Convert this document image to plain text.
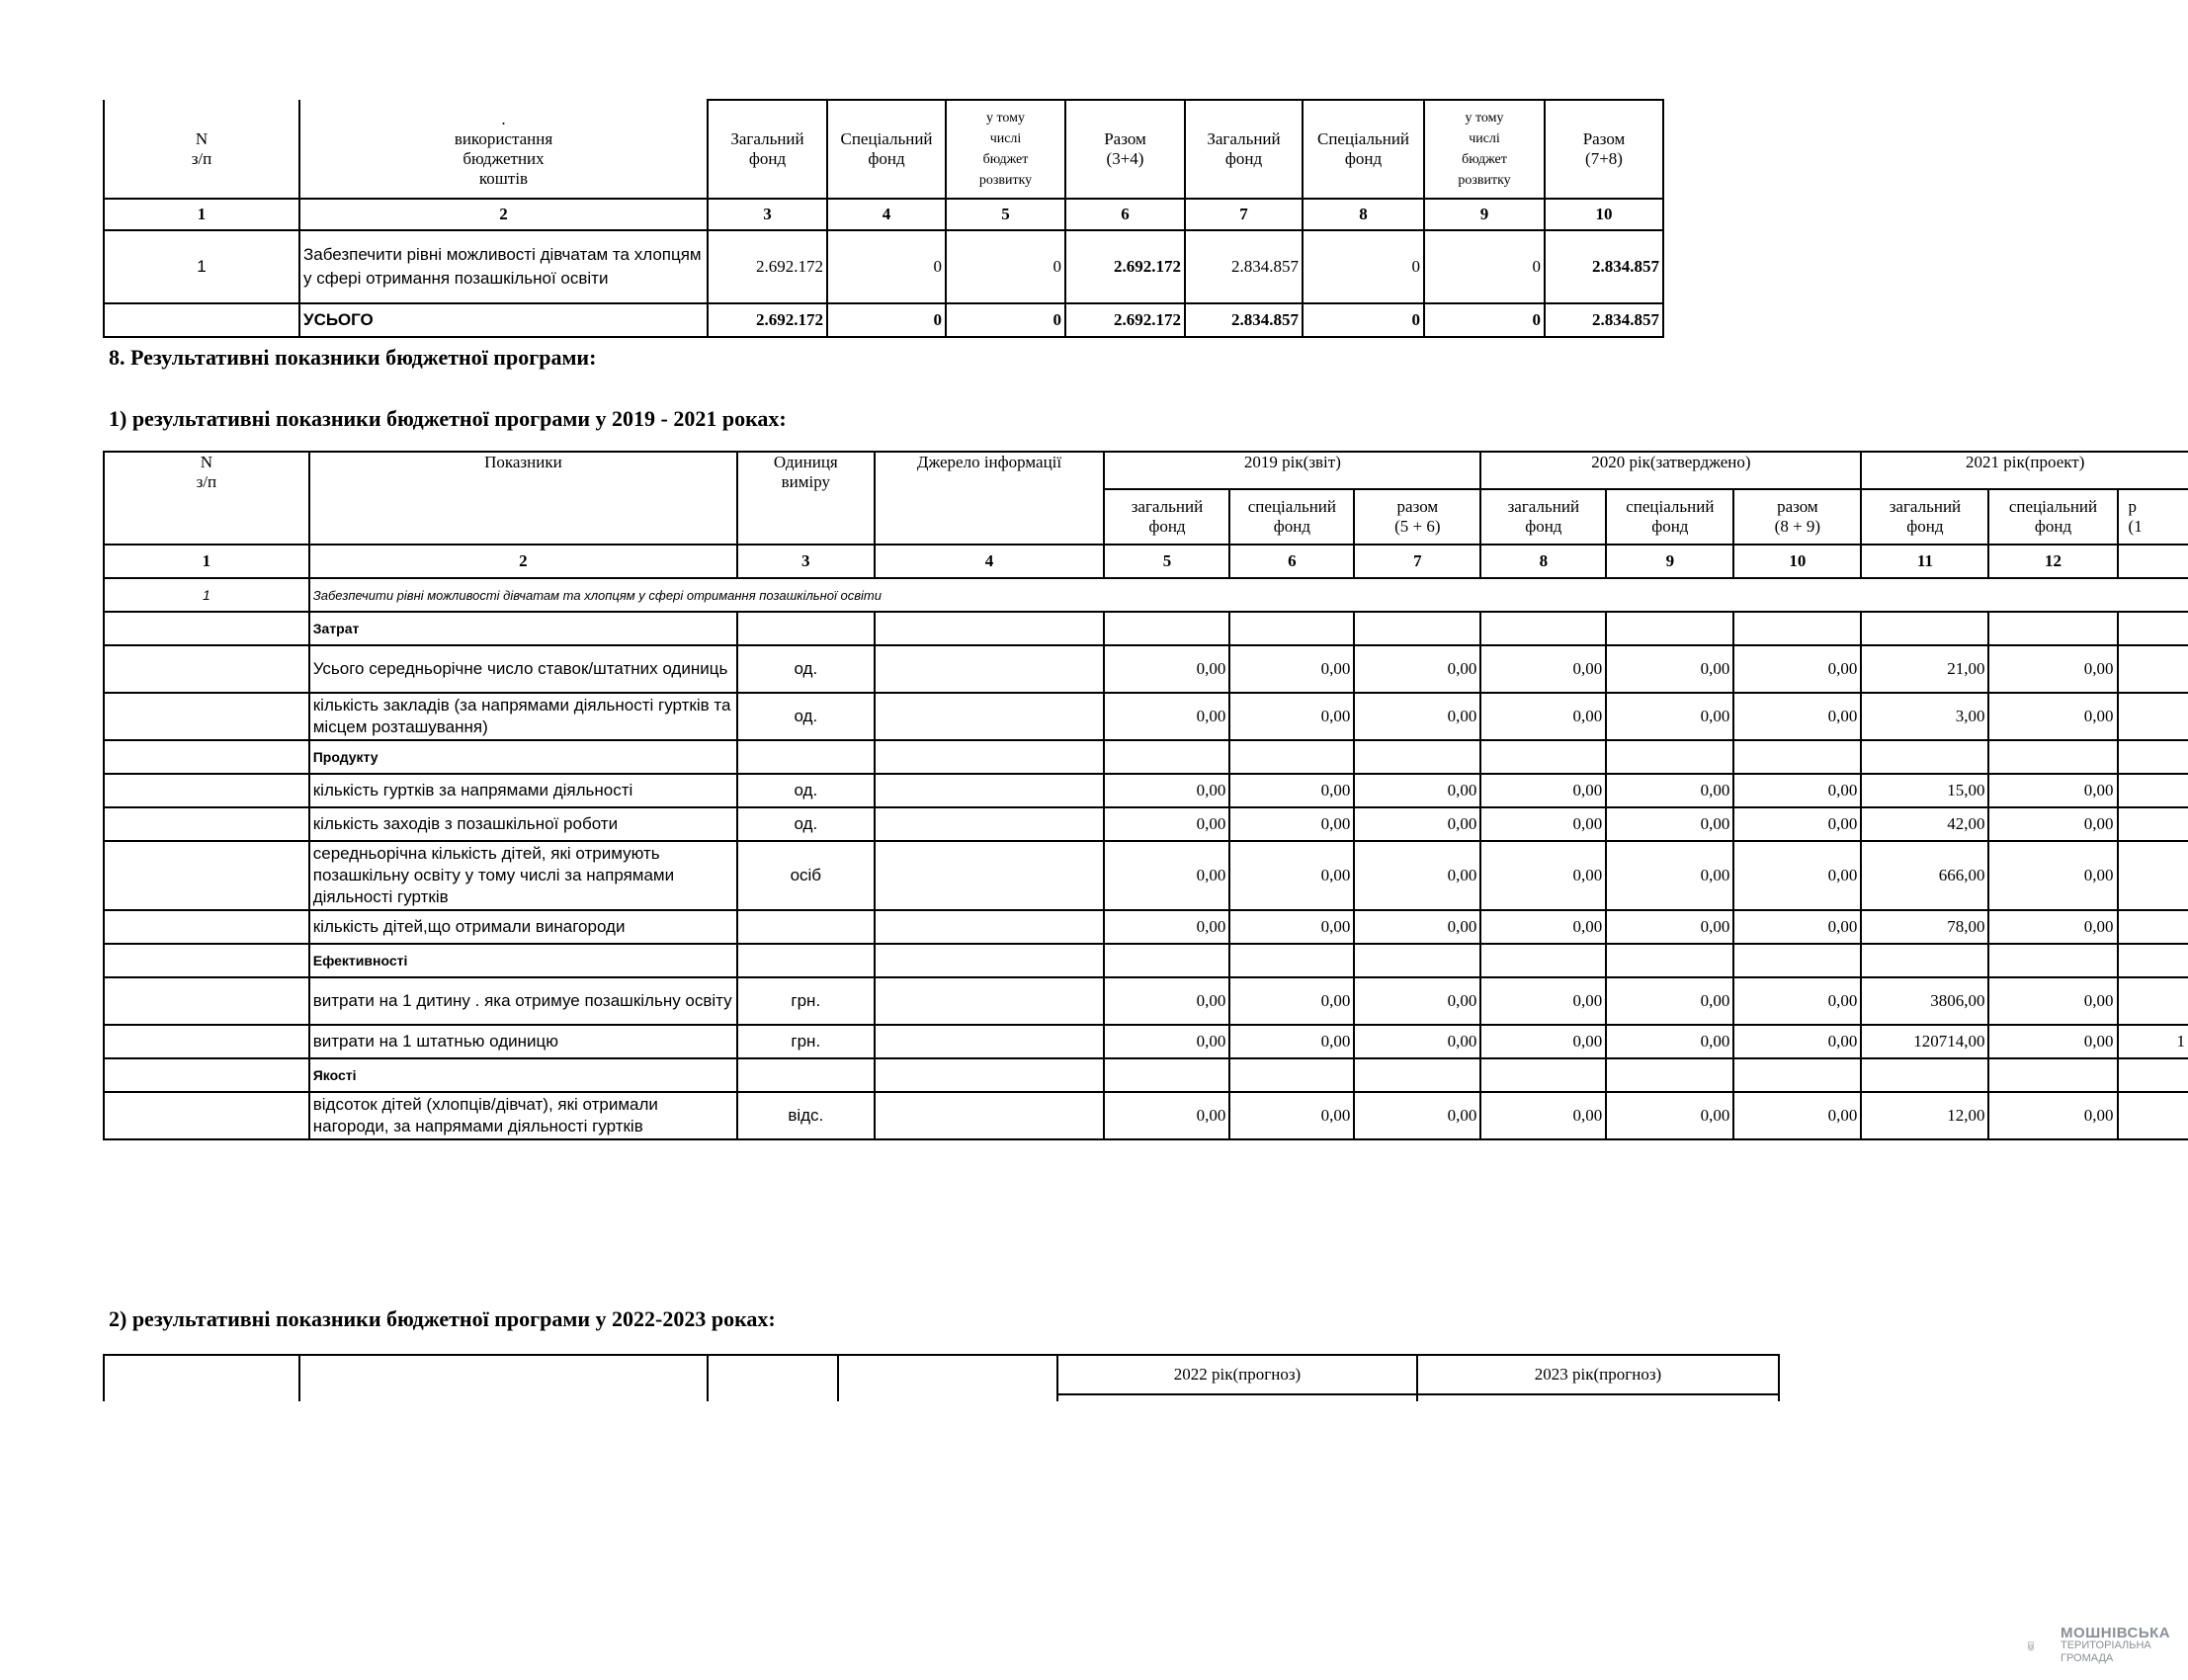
N
з/п	.
використання
бюджетних
коштів	Загальний
фонд	Спеціальний
фонд	у тому
числі
бюджет
розвитку	Разом
(3+4)	Загальний
фонд	Спеціальний
фонд	у тому
числі
бюджет
розвитку	Разом
(7+8)
1	2	3	4	5	6	7	8	9	10
1	Забезпечити рівні можливості дівчатам та хлопцям у сфері отримання позашкільної освіти	2.692.172	0	0	2.692.172	2.834.857	0	0	2.834.857
	УСЬОГО	2.692.172	0	0	2.692.172	2.834.857	0	0	2.834.857
8. Результативні показники бюджетної програми:
1) результативні показники бюджетної програми у 2019 - 2021 роках:
N
з/п	Показники	Одиниця
виміру	Джерело інформації	2019 рік(звіт)			2020 рік(затверджено)			2021 рік(проект)		
				загальний
фонд	спеціальний
фонд	разом
(5 + 6)	загальний
фонд	спеціальний
фонд	разом
(8 + 9)	загальний
фонд	спеціальний
фонд	р
(1
1	2	3	4	5	6	7	8	9	10	11	12	
1	Забезпечити рівні можливості дівчатам та хлопцям у сфері отримання позашкільної освіти											
	Затрат											
	Усього середньорічне число ставок/штатних одиниць	од.		0,00	0,00	0,00	0,00	0,00	0,00	21,00	0,00	
	кількість закладів (за напрямами діяльності гуртків та місцем розташування)	од.		0,00	0,00	0,00	0,00	0,00	0,00	3,00	0,00	
	Продукту											
	кількість гуртків за напрямами діяльності	од.		0,00	0,00	0,00	0,00	0,00	0,00	15,00	0,00	
	кількість заходів з позашкільної роботи	од.		0,00	0,00	0,00	0,00	0,00	0,00	42,00	0,00	
	середньорічна кількість дітей, які отримують позашкільну освіту у тому числі за напрямами діяльності гуртків	осіб		0,00	0,00	0,00	0,00	0,00	0,00	666,00	0,00	
	кількість дітей,що отримали винагороди			0,00	0,00	0,00	0,00	0,00	0,00	78,00	0,00	
	Ефективності											
	витрати на 1 дитину . яка отримуе позашкільну освіту	грн.		0,00	0,00	0,00	0,00	0,00	0,00	3806,00	0,00	
	витрати на 1 штатнью одиницю	грн.		0,00	0,00	0,00	0,00	0,00	0,00	120714,00	0,00	1
	Якості											
	відсоток дітей (хлопців/дівчат), які отримали нагороди, за напрямами діяльності гуртків	відс.		0,00	0,00	0,00	0,00	0,00	0,00	12,00	0,00	
2) результативні показники бюджетної програми у 2022-2023 роках:
				2022 рік(прогноз)	2023 рік(прогноз)

МОШНІВСЬКА
ТЕРИТОРІАЛЬНА
ГРОМАДА
